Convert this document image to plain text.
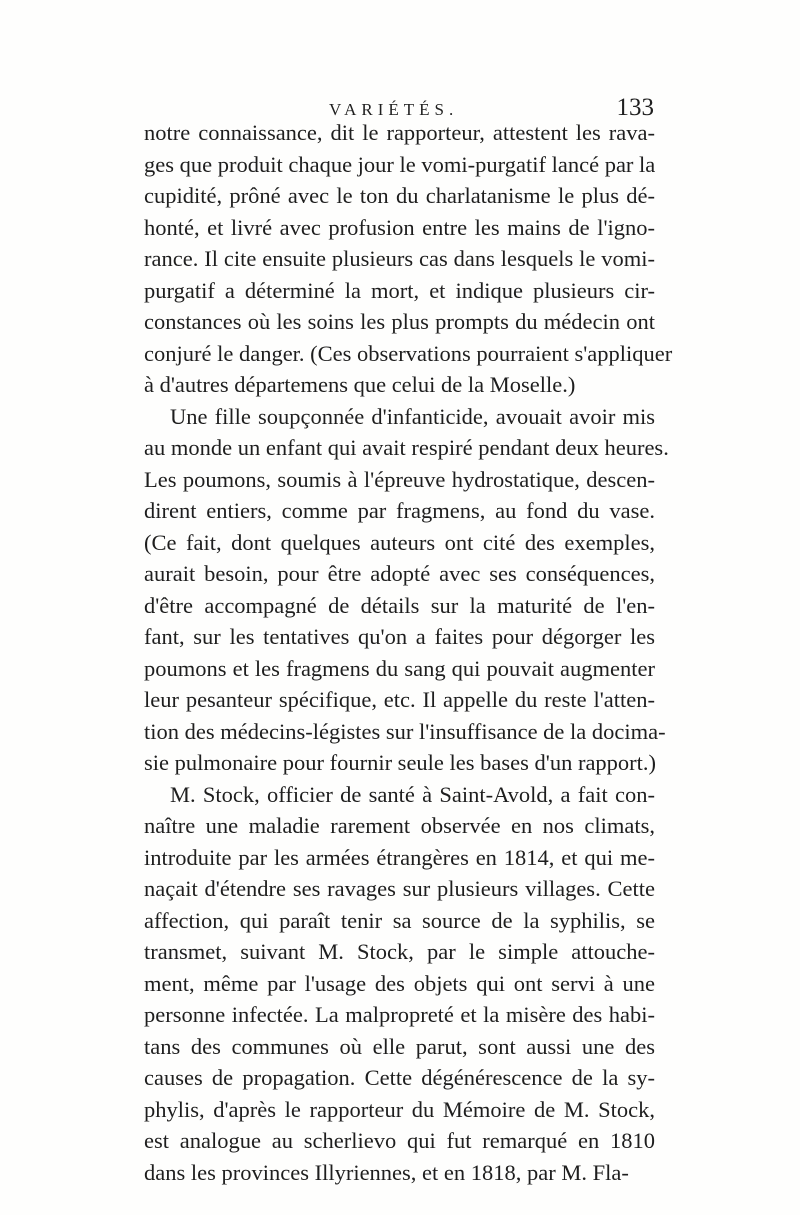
VARIÉTÉS.	133
notre connaissance, dit le rapporteur, attestent les rava-
ges que produit chaque jour le vomi-purgatif lancé par la
cupidité, prôné avec le ton du charlatanisme le plus dé-
honté, et livré avec profusion entre les mains de l'igno-
rance. Il cite ensuite plusieurs cas dans lesquels le vomi-
purgatif a déterminé la mort, et indique plusieurs cir-
constances où les soins les plus prompts du médecin ont
conjuré le danger. (Ces observations pourraient s'appliquer
à d'autres départemens que celui de la Moselle.)
Une fille soupçonnée d'infanticide, avouait avoir mis
au monde un enfant qui avait respiré pendant deux heures.
Les poumons, soumis à l'épreuve hydrostatique, descen-
dirent entiers, comme par fragmens, au fond du vase.
(Ce fait, dont quelques auteurs ont cité des exemples,
aurait besoin, pour être adopté avec ses conséquences,
d'être accompagné de détails sur la maturité de l'en-
fant, sur les tentatives qu'on a faites pour dégorger les
poumons et les fragmens du sang qui pouvait augmenter
leur pesanteur spécifique, etc. Il appelle du reste l'atten-
tion des médecins-légistes sur l'insuffisance de la docima-
sie pulmonaire pour fournir seule les bases d'un rapport.)
M. Stock, officier de santé à Saint-Avold, a fait con-
naître une maladie rarement observée en nos climats,
introduite par les armées étrangères en 1814, et qui me-
naçait d'étendre ses ravages sur plusieurs villages. Cette
affection, qui paraît tenir sa source de la syphilis, se
transmet, suivant M. Stock, par le simple attouche-
ment, même par l'usage des objets qui ont servi à une
personne infectée. La malpropreté et la misère des habi-
tans des communes où elle parut, sont aussi une des
causes de propagation. Cette dégénérescence de la sy-
phylis, d'après le rapporteur du Mémoire de M. Stock,
est analogue au scherlievo qui fut remarqué en 1810
dans les provinces Illyriennes, et en 1818, par M. Fla-
